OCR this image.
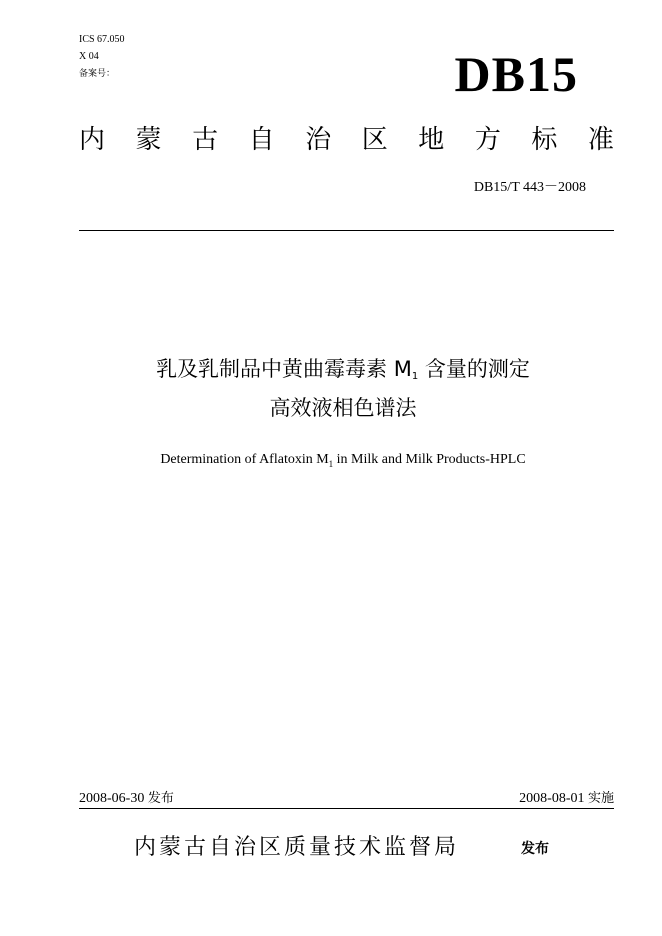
ICS 67.050
X 04
备案号：	DB15
内 蒙 古 自 治 区 地 方 标 准
DB15/T 443－2008
乳及乳制品中黄曲霉毒素 M1 含量的测定
高效液相色谱法
Determination of Aflatoxin $M_1$ in Milk and Milk Products-HPLC
2008-06-30 发布	2008-08-01 实施
内蒙古自治区质量技术监督局	发布
